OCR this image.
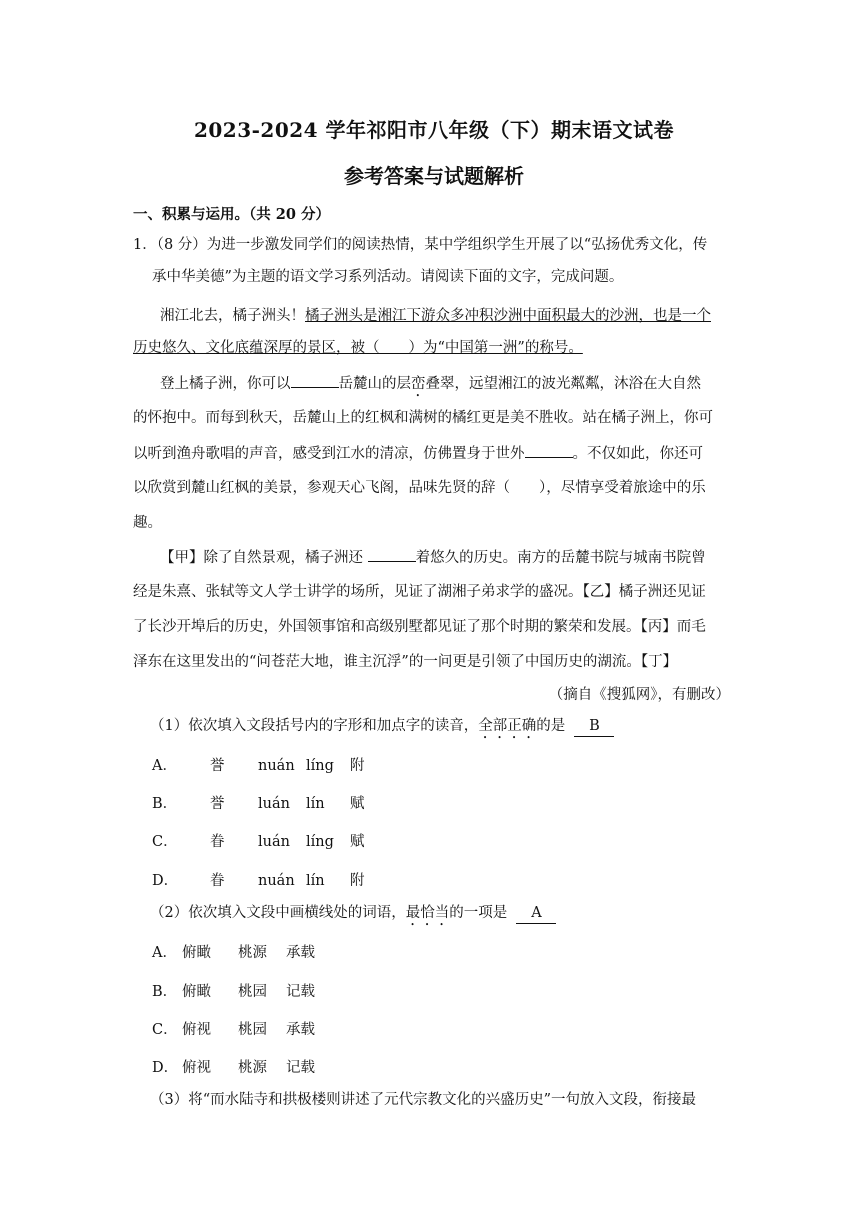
2023-2024 学年祁阳市八年级（下）期末语文试卷
参考答案与试题解析
一、积累与运用。（共 20 分）
1．（8 分）为进一步激发同学们的阅读热情，某中学组织学生开展了以“弘扬优秀文化，传
承中华美德”为主题的语文学习系列活动。请阅读下面的文字，完成问题。
湘江北去，橘子洲头！橘子洲头是湘江下游众多冲积沙洲中面积最大的沙洲，也是一个
历史悠久、文化底蕴深厚的景区，被（　　）为“中国第一洲”的称号。
登上橘子洲，你可以	岳麓山的层峦叠翠，远望湘江的波光粼粼，沐浴在大自然
的怀抱中。而每到秋天，岳麓山上的红枫和满树的橘红更是美不胜收。站在橘子洲上，你可
以听到渔舟歌唱的声音，感受到江水的清凉，仿佛置身于世外	。不仅如此，你还可
以欣赏到麓山红枫的美景，参观天心飞阁，品味先贤的辞（　　），尽情享受着旅途中的乐
趣。
【甲】除了自然景观，橘子洲还	着悠久的历史。南方的岳麓书院与城南书院曾
经是朱熹、张轼等文人学士讲学的场所，见证了湖湘子弟求学的盛况。【乙】橘子洲还见证
了长沙开埠后的历史，外国领事馆和高级别墅都见证了那个时期的繁荣和发展。【丙】而毛
泽东在这里发出的“问苍茫大地，谁主沉浮”的一问更是引领了中国历史的湖流。【丁】
（摘自《搜狐网》，有删改）
（1）依次填入文段括号内的字形和加点字的读音，全部正确的是 B
A． 誉 nuán líng 附
B． 誉 luán lín 赋
C． 眷 luán líng 赋
D． 眷 nuán lín 附
（2）依次填入文段中画横线处的词语，最恰当的一项是 A
A． 俯瞰 桃源 承载
B． 俯瞰 桃园 记载
C． 俯视 桃园 承载
D． 俯视 桃源 记载
（3）将“而水陆寺和拱极楼则讲述了元代宗教文化的兴盛历史”一句放入文段，衔接最
